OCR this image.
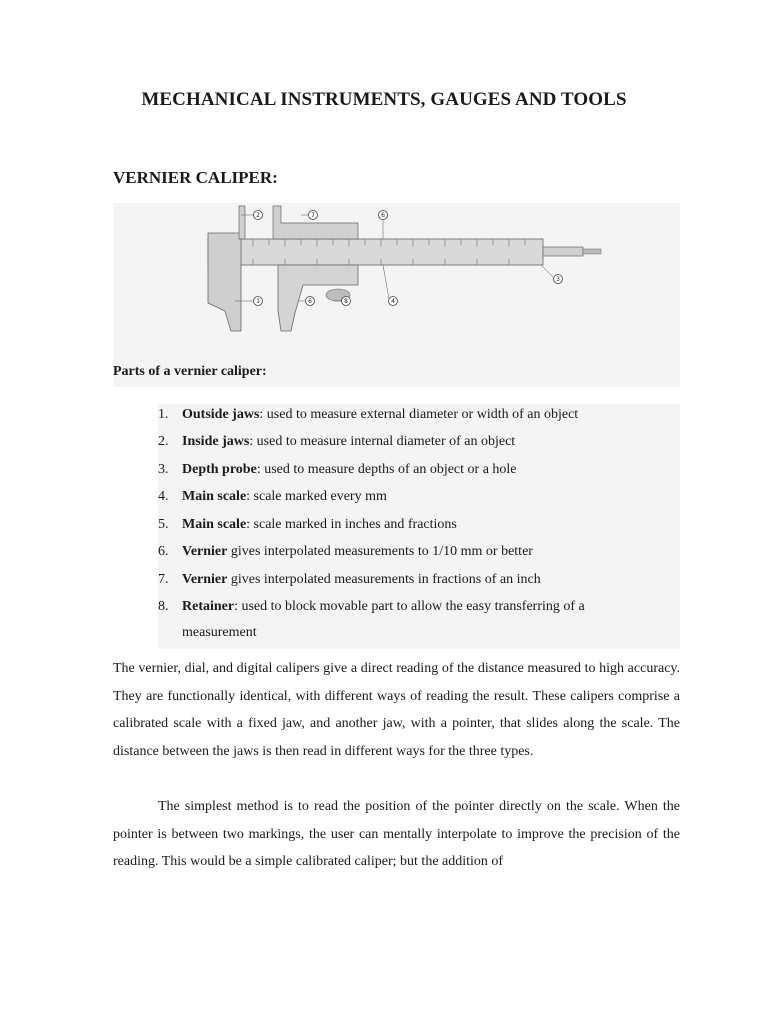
MECHANICAL INSTRUMENTS, GAUGES AND TOOLS
VERNIER CALIPER:
2	7	6
3
1	6	8	4
Parts of a vernier caliper:
1. Outside jaws: used to measure external diameter or width of an object
2. Inside jaws: used to measure internal diameter of an object
3. Depth probe: used to measure depths of an object or a hole
4. Main scale: scale marked every mm
5. Main scale: scale marked in inches and fractions
6. Vernier gives interpolated measurements to 1/10 mm or better
7. Vernier gives interpolated measurements in fractions of an inch
8. Retainer: used to block movable part to allow the easy transferring of a measurement

The vernier, dial, and digital calipers give a direct reading of the distance measured to high accuracy. They are functionally identical, with different ways of reading the result. These calipers comprise a calibrated scale with a fixed jaw, and another jaw, with a pointer, that slides along the scale. The distance between the jaws is then read in different ways for the three types.

The simplest method is to read the position of the pointer directly on the scale. When the pointer is between two markings, the user can mentally interpolate to improve the precision of the reading. This would be a simple calibrated caliper; but the addition of
